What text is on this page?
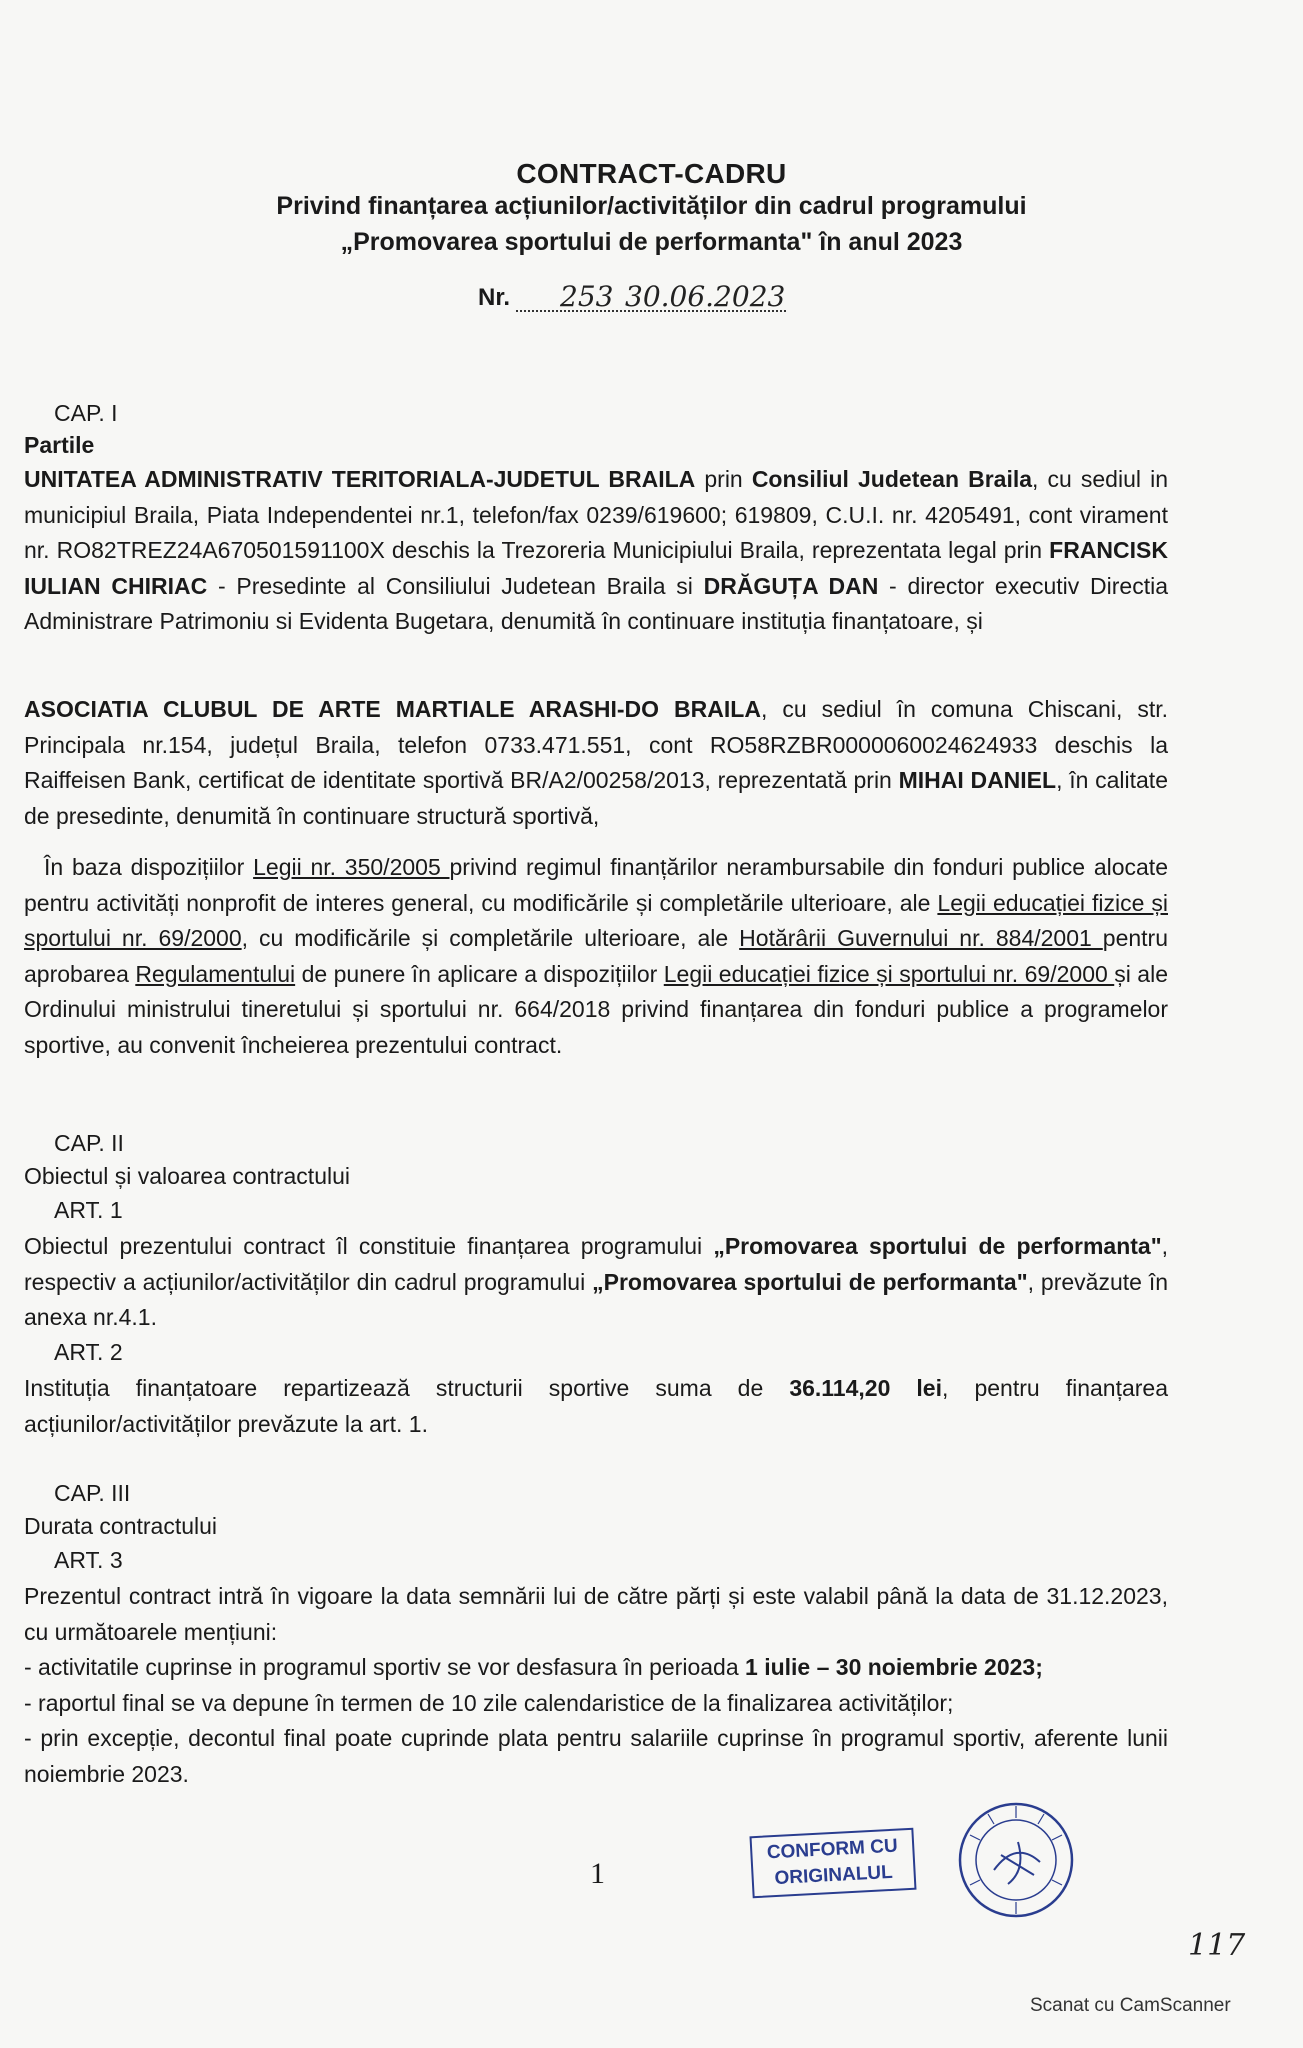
CONTRACT-CADRU
Privind finanțarea acțiunilor/activităților din cadrul programului
„Promovarea sportului de performanta" în anul 2023
Nr.	253 30.06.2023
CAP. I
Partile

UNITATEA ADMINISTRATIV TERITORIALA-JUDETUL BRAILA prin Consiliul Judetean Braila, cu sediul in municipiul Braila, Piata Independentei nr.1, telefon/fax 0239/619600; 619809, C.U.I. nr. 4205491, cont virament nr. RO82TREZ24A670501591100X deschis la Trezoreria Municipiului Braila, reprezentata legal prin FRANCISK IULIAN CHIRIAC - Presedinte al Consiliului Judetean Braila si DRĂGUȚA DAN - director executiv Directia Administrare Patrimoniu si Evidenta Bugetara, denumită în continuare instituția finanțatoare, și

ASOCIATIA CLUBUL DE ARTE MARTIALE ARASHI-DO BRAILA, cu sediul în comuna Chiscani, str. Principala nr.154, județul Braila, telefon 0733.471.551, cont RO58RZBR0000060024624933 deschis la Raiffeisen Bank, certificat de identitate sportivă BR/A2/00258/2013, reprezentată prin MIHAI DANIEL, în calitate de presedinte, denumită în continuare structură sportivă,

În baza dispozițiilor Legii nr. 350/2005 privind regimul finanțărilor nerambursabile din fonduri publice alocate pentru activități nonprofit de interes general, cu modificările și completările ulterioare, ale Legii educației fizice și sportului nr. 69/2000, cu modificările și completările ulterioare, ale Hotărârii Guvernului nr. 884/2001 pentru aprobarea Regulamentului de punere în aplicare a dispozițiilor Legii educației fizice și sportului nr. 69/2000 și ale Ordinului ministrului tineretului și sportului nr. 664/2018 privind finanțarea din fonduri publice a programelor sportive, au convenit încheierea prezentului contract.

CAP. II
Obiectul și valoarea contractului
ART. 1

Obiectul prezentului contract îl constituie finanțarea programului „Promovarea sportului de performanta", respectiv a acțiunilor/activităților din cadrul programului „Promovarea sportului de performanta", prevăzute în anexa nr.4.1.

ART. 2

Instituția finanțatoare repartizează structurii sportive suma de 36.114,20 lei, pentru finanțarea acțiunilor/activităților prevăzute la art. 1.

CAP. III
Durata contractului
ART. 3

Prezentul contract intră în vigoare la data semnării lui de către părți și este valabil până la data de 31.12.2023, cu următoarele mențiuni:

- activitatile cuprinse in programul sportiv se vor desfasura în perioada 1 iulie – 30 noiembrie 2023;

- raportul final se va depune în termen de 10 zile calendaristice de la finalizarea activităților;

- prin excepție, decontul final poate cuprinde plata pentru salariile cuprinse în programul sportiv, aferente lunii noiembrie 2023.

1
CONFORM CU
ORIGINALUL
117
Scanat cu CamScanner
